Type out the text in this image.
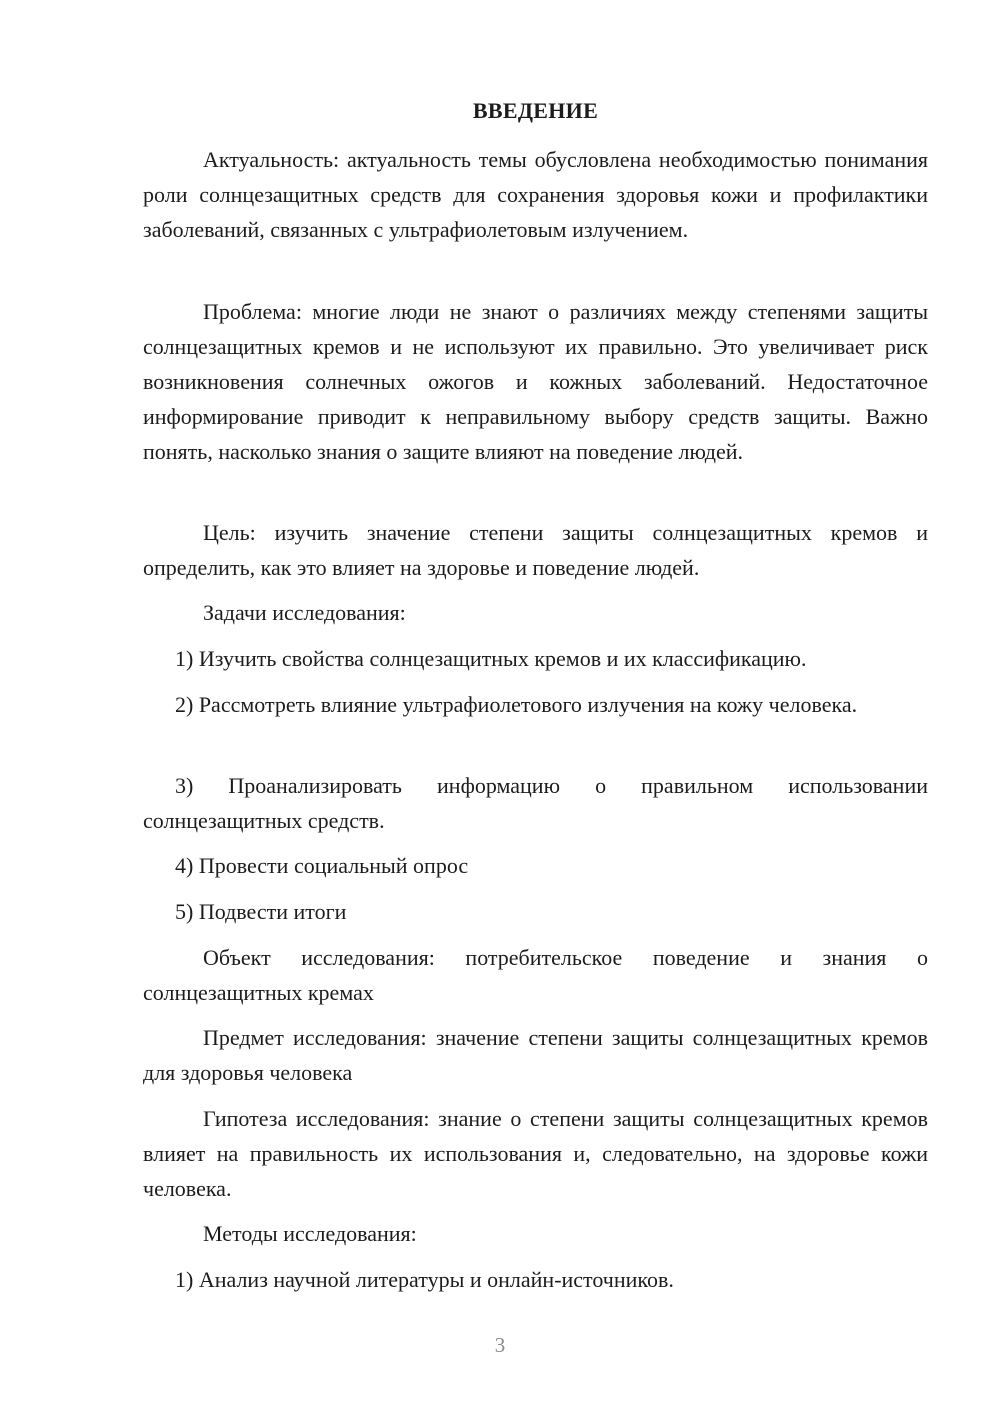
ВВЕДЕНИЕ

Актуальность: актуальность темы обусловлена необходимостью понимания роли солнцезащитных средств для сохранения здоровья кожи и профилактики заболеваний, связанных с ультрафиолетовым излучением.

Проблема: многие люди не знают о различиях между степенями защиты солнцезащитных кремов и не используют их правильно. Это увеличивает риск возникновения солнечных ожогов и кожных заболеваний. Недостаточное информирование приводит к неправильному выбору средств защиты. Важно понять, насколько знания о защите влияют на поведение людей.

Цель: изучить значение степени защиты солнцезащитных кремов и определить, как это влияет на здоровье и поведение людей.

Задачи исследования:

1) Изучить свойства солнцезащитных кремов и их классификацию.

2) Рассмотреть влияние ультрафиолетового излучения на кожу человека.

3) Проанализировать информацию о правильном использовании солнцезащитных средств.

4) Провести социальный опрос

5) Подвести итоги

Объект исследования: потребительское поведение и знания о солнцезащитных кремах

Предмет исследования: значение степени защиты солнцезащитных кремов для здоровья человека

Гипотеза исследования: знание о степени защиты солнцезащитных кремов влияет на правильность их использования и, следовательно, на здоровье кожи человека.

Методы исследования:

1) Анализ научной литературы и онлайн-источников.

3
